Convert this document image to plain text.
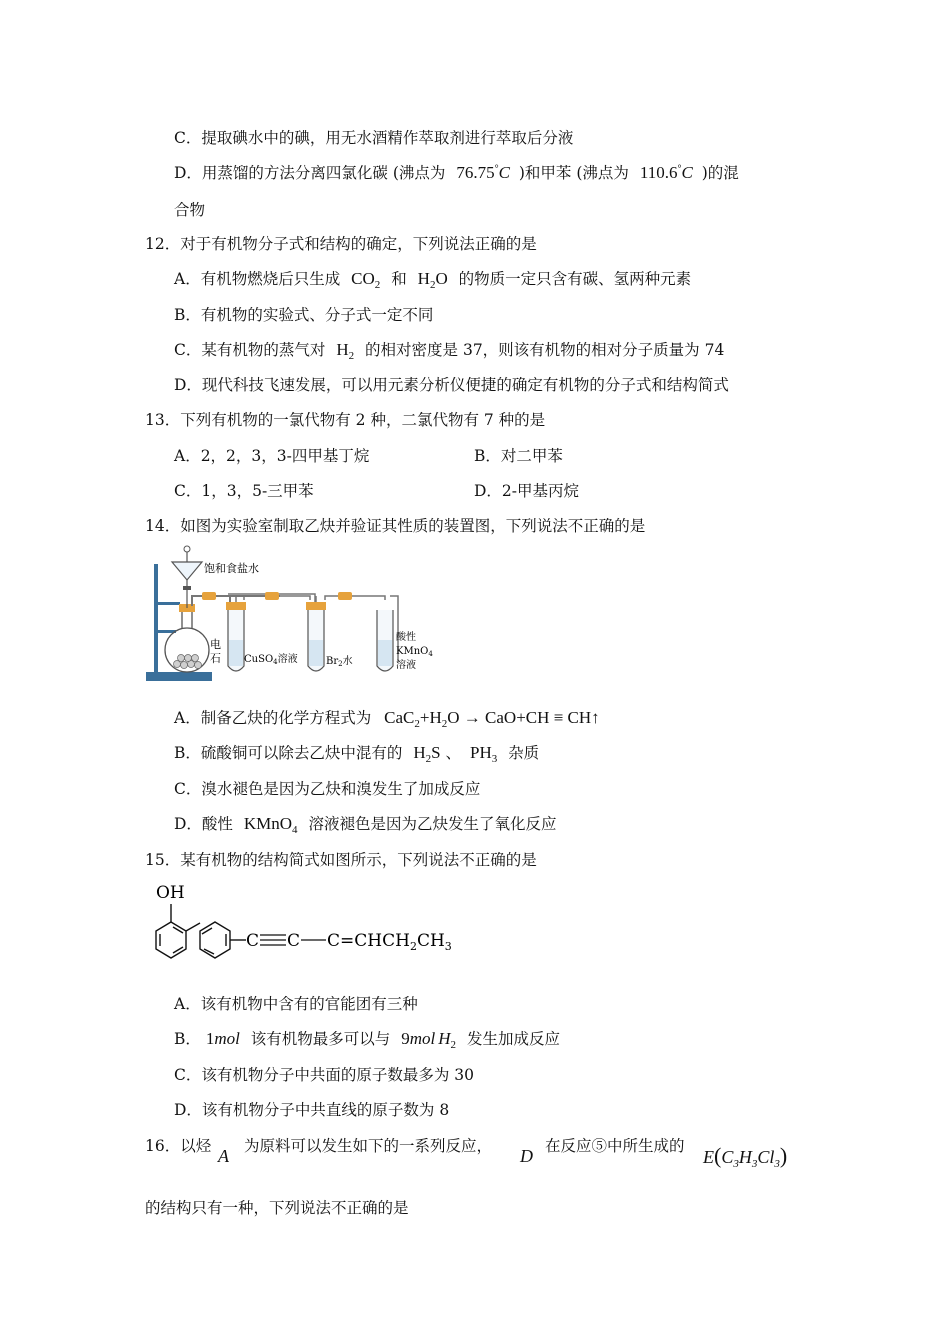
C．提取碘水中的碘，用无水酒精作萃取剂进行萃取后分液
D．用蒸馏的方法分离四氯化碳 (沸点为 76.75°C )和甲苯 (沸点为 110.6°C )的混
合物
12．对于有机物分子式和结构的确定，下列说法正确的是
A．有机物燃烧后只生成 $CO_2$ 和 $H_2O$ 的物质一定只含有碳、氢两种元素
B．有机物的实验式、分子式一定不同
C．某有机物的蒸气对 $H_2$ 的相对密度是 37，则该有机物的相对分子质量为 74
D．现代科技飞速发展，可以用元素分析仪便捷的确定有机物的分子式和结构简式
13．下列有机物的一氯代物有 2 种，二氯代物有 7 种的是
A．2，2，3，3-四甲基丁烷	B．对二甲苯
C．1，3，5-三甲苯	D．2-甲基丙烷
14．如图为实验室制取乙炔并验证其性质的装置图，下列说法不正确的是
饱和食盐水
电
石 CuSO$_4$溶液	$Br_2$水
酸性
KMnO$_4$
溶液
A．制备乙炔的化学方程式为 $CaC_2+H_2O \to CaO+CH$ ≡ CH↑
B．硫酸铜可以除去乙炔中混有的 $H_2S$ 、 $PH_3$ 杂质
C．溴水褪色是因为乙炔和溴发生了加成反应
D．酸性 KMnO$_4$ 溶液褪色是因为乙炔发生了氧化反应
15．某有机物的结构简式如图所示，下列说法不正确的是
OH
C C $C=CHCH_2CH_3$
A．该有机物中含有的官能团有三种
B． 1mol 该有机物最多可以与 9mol $H_2$ 发生加成反应
C．该有机物分子中共面的原子数最多为 30
D．该有机物分子中共直线的原子数为 8
16．以烃 A 为原料可以发生如下的一系列反应， D 在反应⑤中所生成的
$E(C_3H_3Cl_3)$
的结构只有一种，下列说法不正确的是
